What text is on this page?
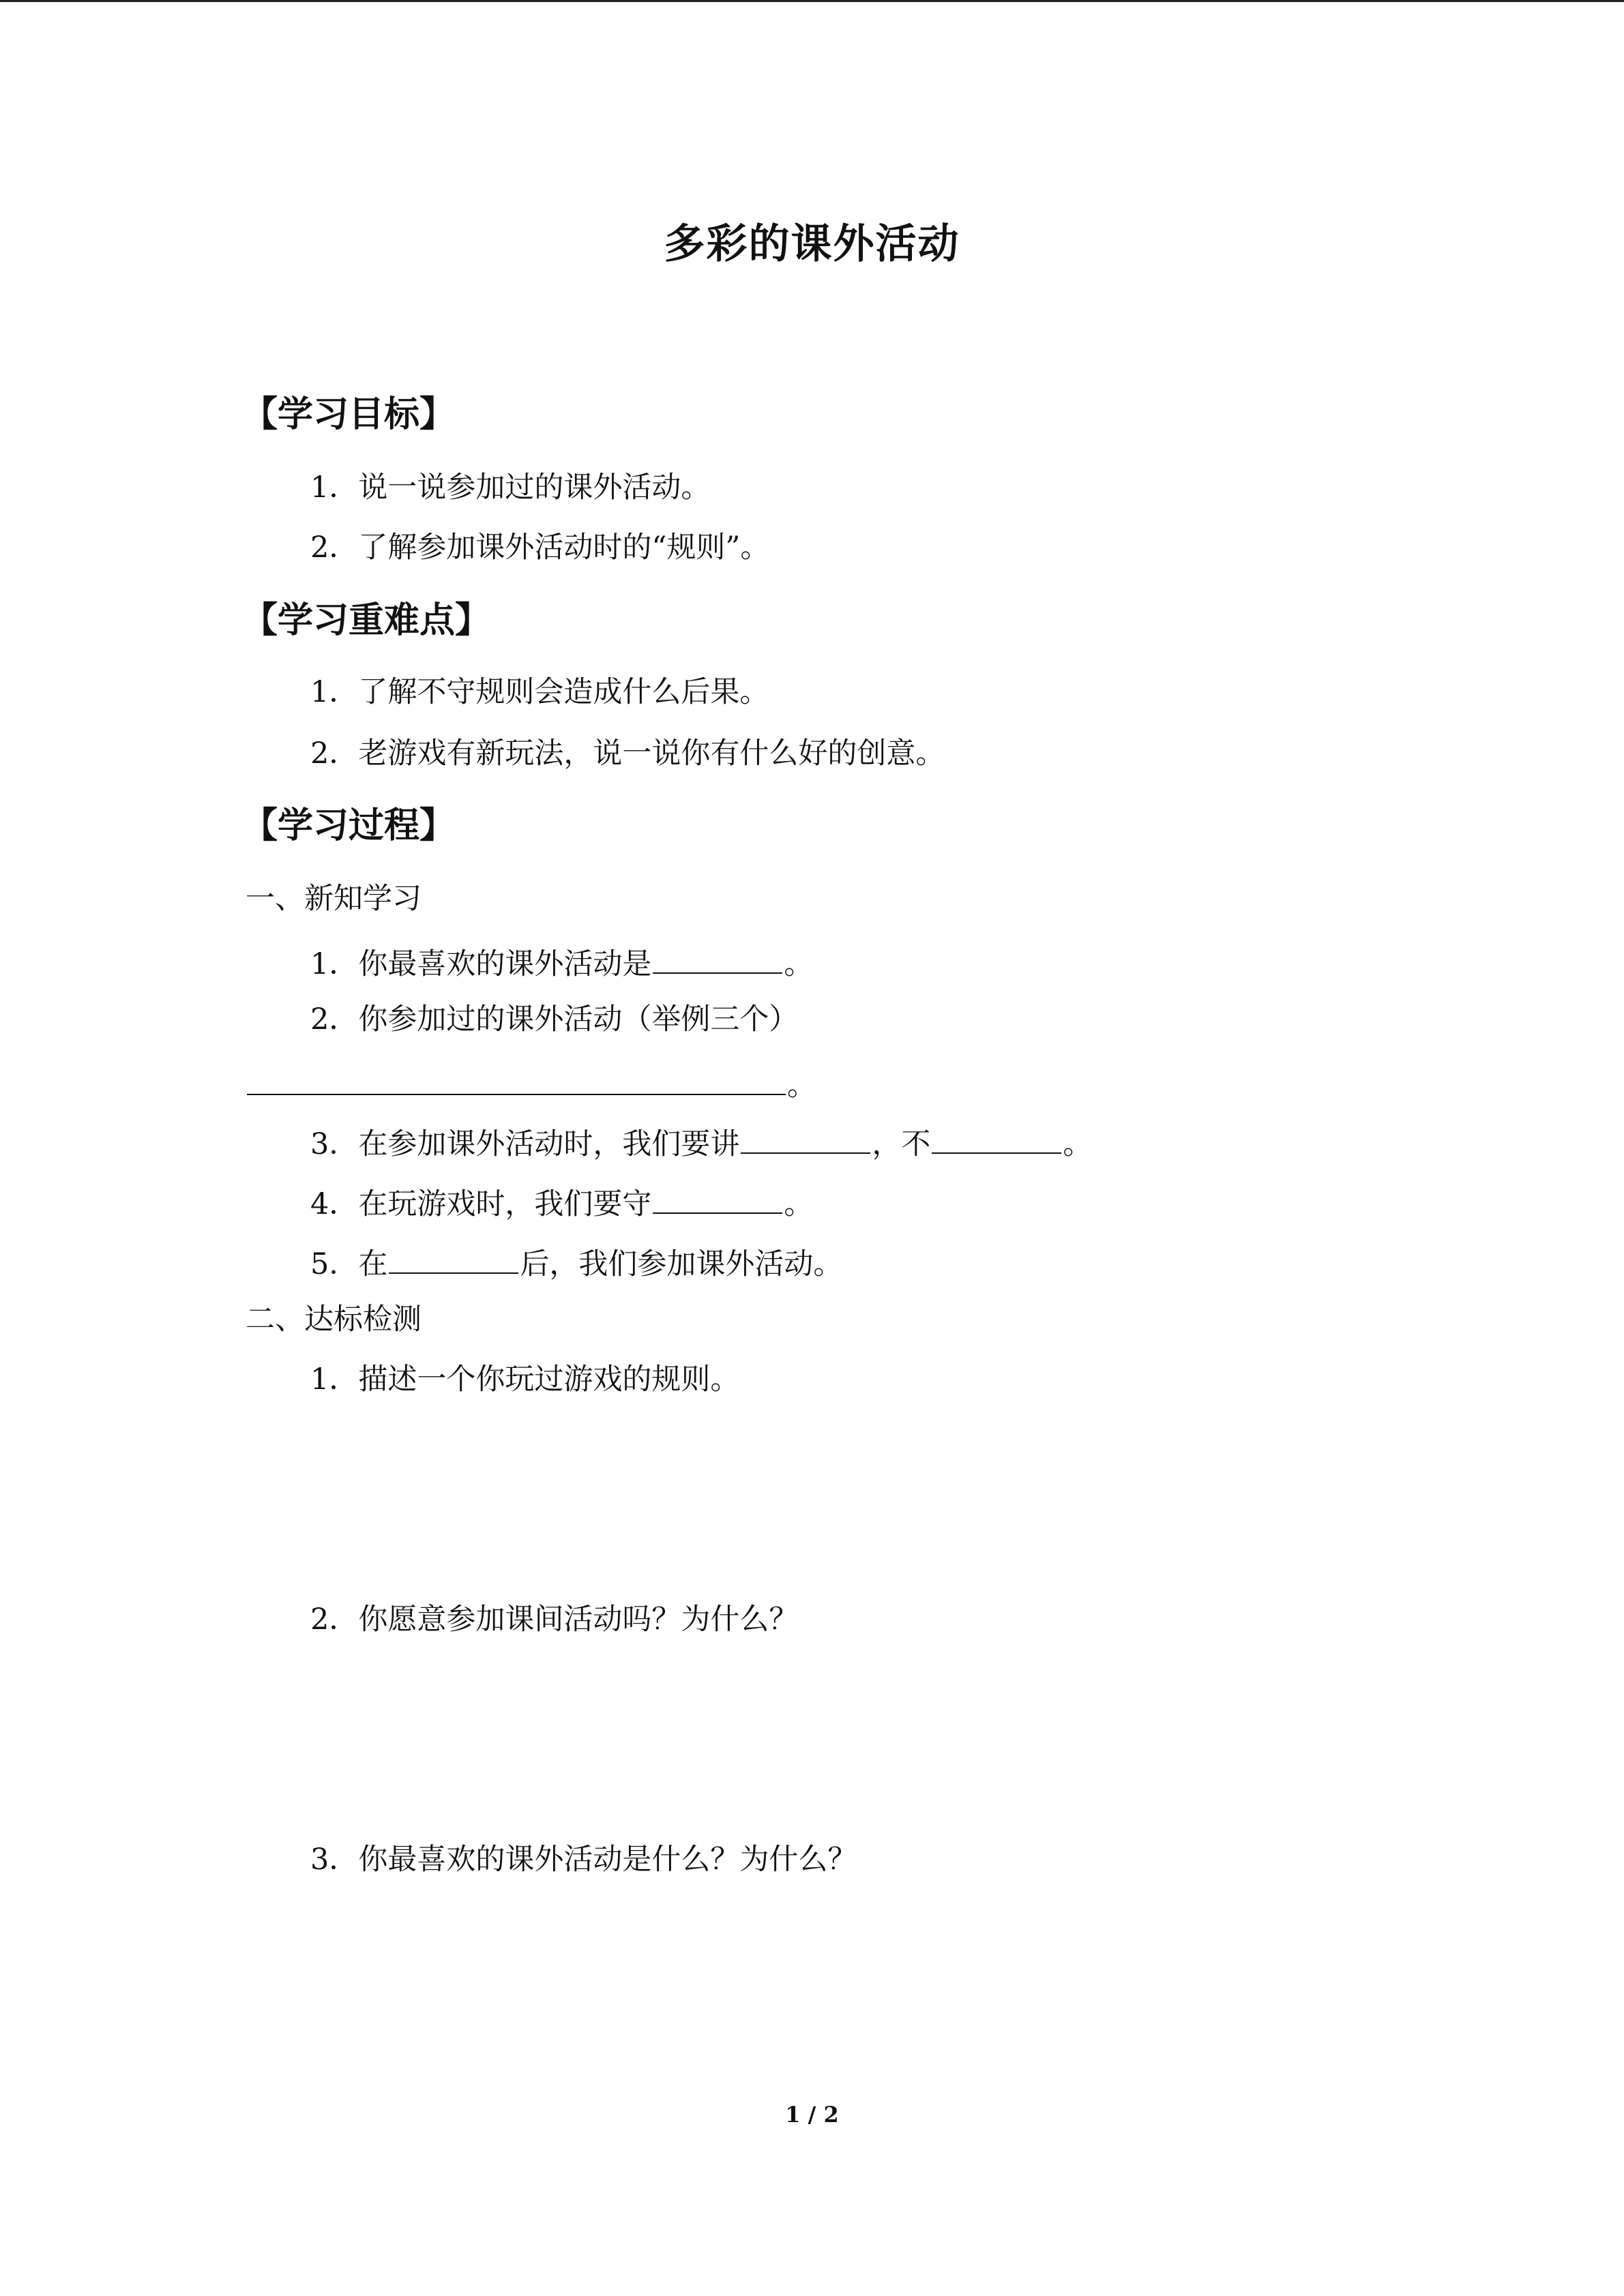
多彩的课外活动
【学习目标】
1．说一说参加过的课外活动。
2．了解参加课外活动时的“规则”。
【学习重难点】
1．了解不守规则会造成什么后果。
2．老游戏有新玩法，说一说你有什么好的创意。
【学习过程】
一、新知学习
1．你最喜欢的课外活动是	。
2．你参加过的课外活动（举例三个）
。
3．在参加课外活动时，我们要讲	，不	。
4．在玩游戏时，我们要守	。
5．在	后，我们参加课外活动。
二、达标检测
1．描述一个你玩过游戏的规则。
2．你愿意参加课间活动吗？为什么？
3．你最喜欢的课外活动是什么？为什么？
1 / 2
